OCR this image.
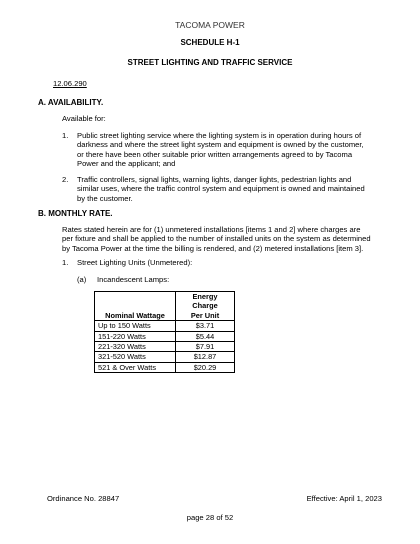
TACOMA POWER
SCHEDULE H-1
STREET LIGHTING AND TRAFFIC SERVICE
12.06.290
A. AVAILABILITY.
Available for:
1. Public street lighting service where the lighting system is in operation during hours of
darkness and where the street light system and equipment is owned by the customer,
or there have been other suitable prior written arrangements agreed to by Tacoma
Power and the applicant; and
2. Traffic controllers, signal lights, warning lights, danger lights, pedestrian lights and
similar uses, where the traffic control system and equipment is owned and maintained
by the customer.
B. MONTHLY RATE.
Rates stated herein are for (1) unmetered installations [items 1 and 2] where charges are
per fixture and shall be applied to the number of installed units on the system as determined
by Tacoma Power at the time the billing is rendered, and (2) metered installations [item 3].
1. Street Lighting Units (Unmetered):
(a) Incandescent Lamps:
Nominal Wattage	Energy Charge
Per Unit

Up to 150 Watts	$3.71
151-220 Watts	$5.44
221-320 Watts	$7.91
321-520 Watts	$12.87
521 & Over Watts	$20.29
Ordinance No. 28847	Effective: April 1, 2023
page 28 of 52
